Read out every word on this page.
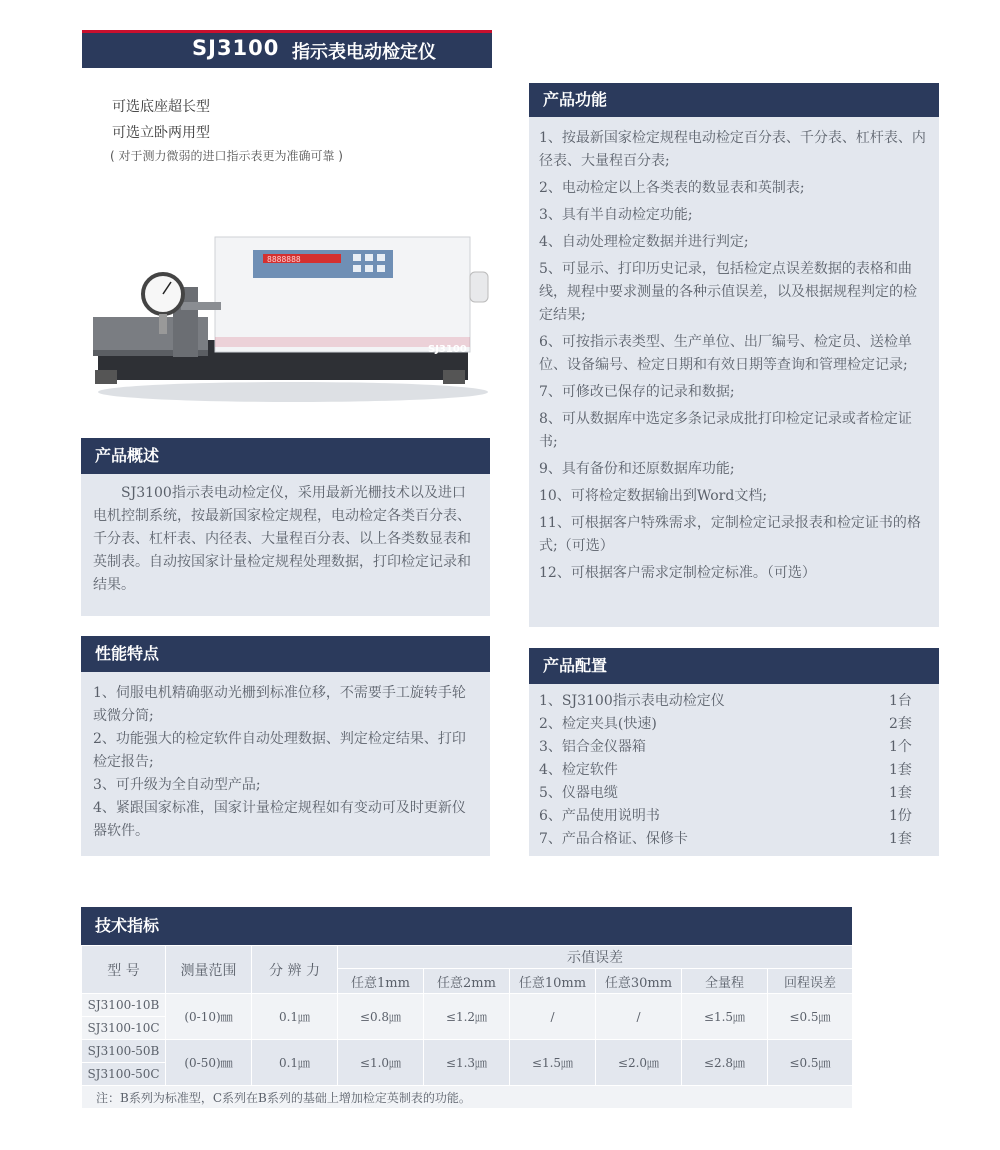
SJ3100 指示表电动检定仪
可选底座超长型
可选立卧两用型
( 对于测力微弱的进口指示表更为准确可靠 )
8888888
SJ3100
产品功能

1、按最新国家检定规程电动检定百分表、千分表、杠杆表、内径表、大量程百分表;

2、电动检定以上各类表的数显表和英制表;

3、具有半自动检定功能;

4、自动处理检定数据并进行判定;

5、可显示、打印历史记录，包括检定点误差数据的表格和曲线，规程中要求测量的各种示值误差，以及根据规程判定的检定结果;

6、可按指示表类型、生产单位、出厂编号、检定员、送检单位、设备编号、检定日期和有效日期等查询和管理检定记录;

7、可修改已保存的记录和数据;

8、可从数据库中选定多条记录成批打印检定记录或者检定证书;

9、具有备份和还原数据库功能;

10、可将检定数据输出到Word文档;

11、可根据客户特殊需求，定制检定记录报表和检定证书的格式;（可选）

12、可根据客户需求定制检定标准。（可选）

产品概述
SJ3100指示表电动检定仪，采用最新光栅技术以及进口电机控制系统，按最新国家检定规程，电动检定各类百分表、千分表、杠杆表、内径表、大量程百分表、以上各类数显表和英制表。自动按国家计量检定规程处理数据，打印检定记录和结果。
性能特点

1、伺服电机精确驱动光栅到标准位移，不需要手工旋转手轮或微分筒;

2、功能强大的检定软件自动处理数据、判定检定结果、打印检定报告;

3、可升级为全自动型产品;

4、紧跟国家标准，国家计量检定规程如有变动可及时更新仪器软件。

产品配置
1、SJ3100指示表电动检定仪	1台
2、检定夹具(快速)	2套
3、铝合金仪器箱	1个
4、检定软件	1套
5、仪器电缆	1套
6、产品使用说明书	1份
7、产品合格证、保修卡	1套
技术指标
型 号	测量范围	分 辨 力	示值误差					
			任意1mm	任意2mm	任意10mm	任意30mm	全量程	回程误差
SJ3100-10B	(0-10)㎜	0.1㎛	≤0.8㎛	≤1.2㎛	/	/	≤1.5㎛	≤0.5㎛
SJ3100-10C								
SJ3100-50B	(0-50)㎜	0.1㎛	≤1.0㎛	≤1.3㎛	≤1.5㎛	≤2.0㎛	≤2.8㎛	≤0.5㎛
SJ3100-50C								
注：B系列为标准型，C系列在B系列的基础上增加检定英制表的功能。								
